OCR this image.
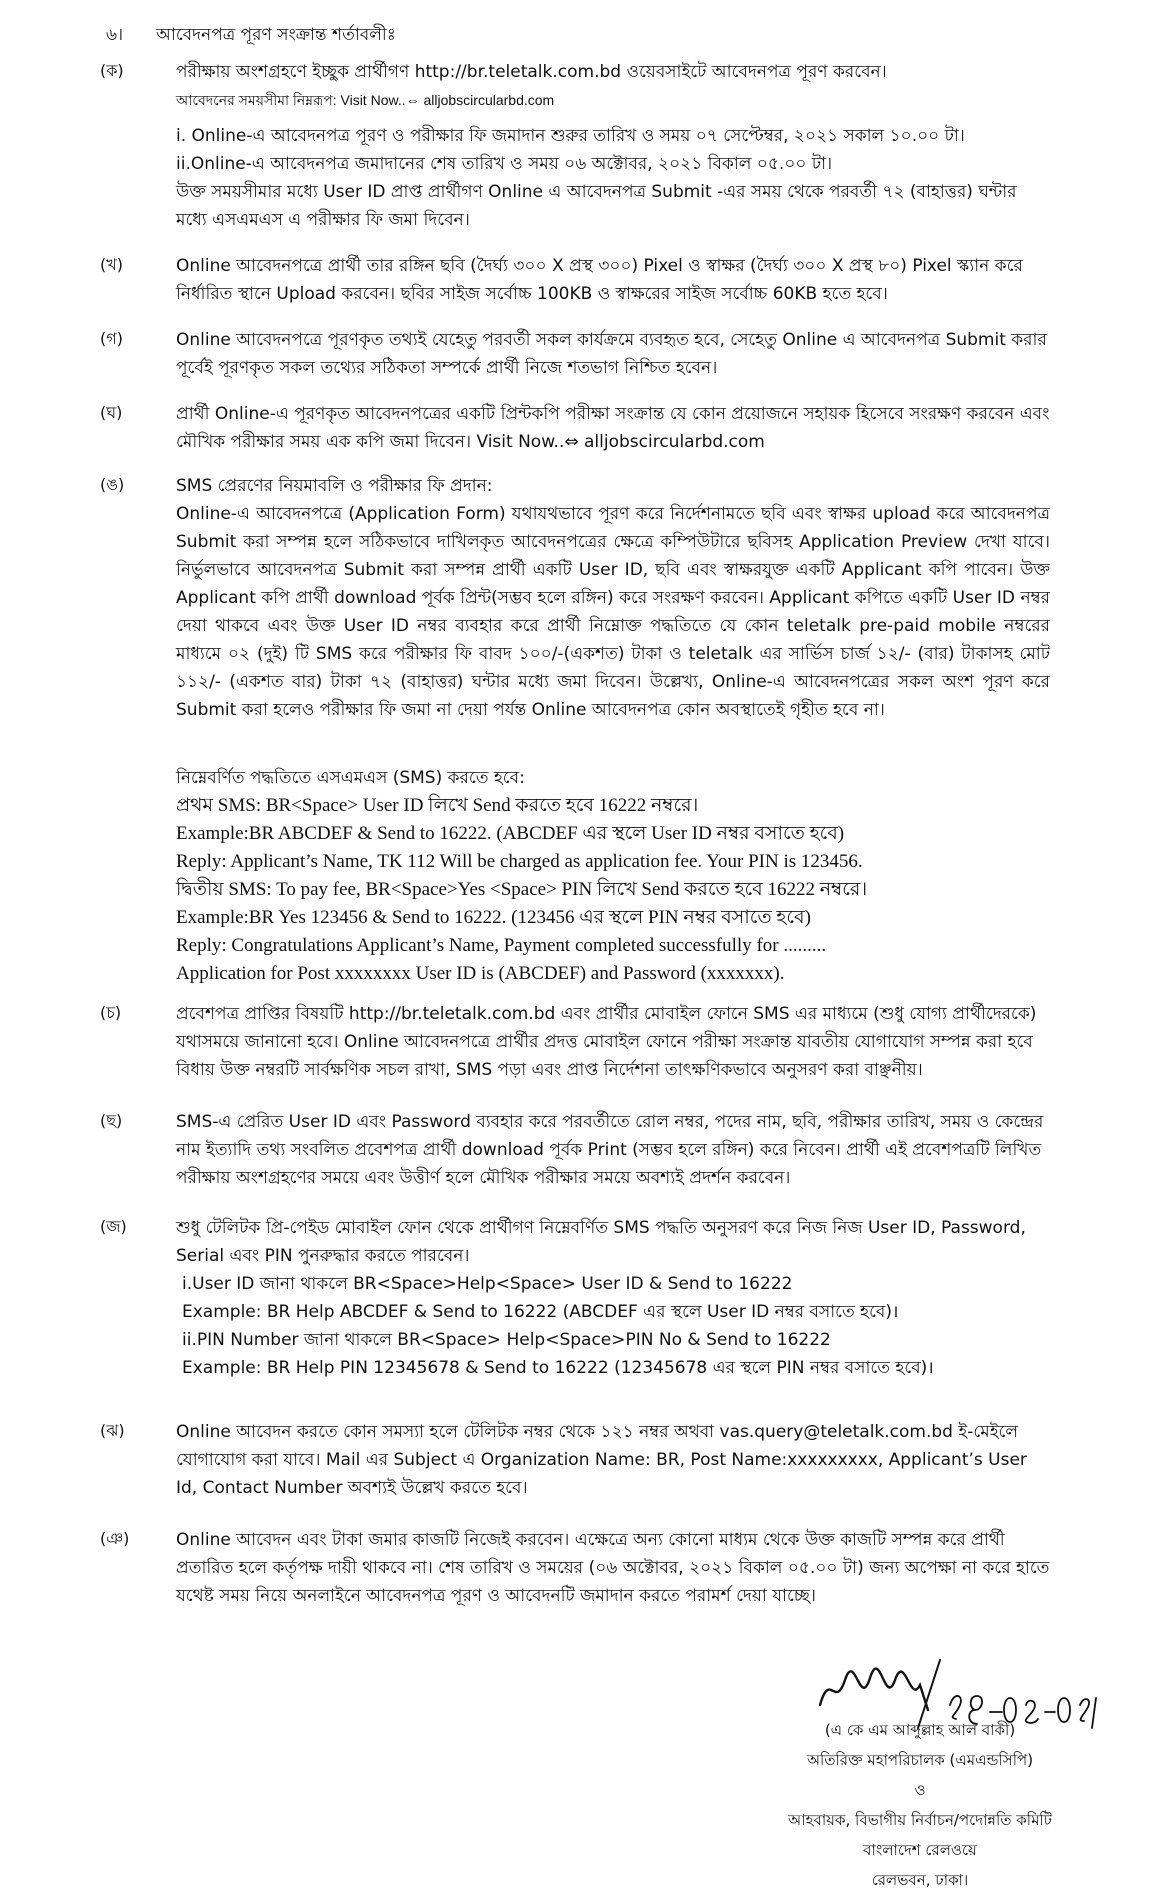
৬। আবেদনপত্র পূরণ সংক্রান্ত শর্তাবলীঃ
(ক)	পরীক্ষায় অংশগ্রহণে ইচ্ছুক প্রার্থীগণ http://br.teletalk.com.bd ওয়েবসাইটে আবেদনপত্র পূরণ করবেন।

আবেদনের সময়সীমা নিম্নরূপ: Visit Now..⇔ alljobscircularbd.com

i. Online-এ আবেদনপত্র পূরণ ও পরীক্ষার ফি জমাদান শুরুর তারিখ ও সময় ০৭ সেপ্টেম্বর, ২০২১ সকাল ১০.০০ টা।

ii.Online-এ আবেদনপত্র জমাদানের শেষ তারিখ ও সময় ০৬ অক্টোবর, ২০২১ বিকাল ০৫.০০ টা।

উক্ত সময়সীমার মধ্যে User ID প্রাপ্ত প্রার্থীগণ Online এ আবেদনপত্র Submit -এর সময় থেকে পরবর্তী ৭২ (বাহাত্তর) ঘন্টার মধ্যে এসএমএস এ পরীক্ষার ফি জমা দিবেন।

(খ)	Online আবেদনপত্রে প্রার্থী তার রঙ্গিন ছবি (দৈর্ঘ্য ৩০০ X প্রস্থ ৩০০) Pixel ও স্বাক্ষর (দৈর্ঘ্য ৩০০ X প্রস্থ ৮০) Pixel স্ক্যান করে নির্ধারিত স্থানে Upload করবেন। ছবির সাইজ সর্বোচ্চ 100KB ও স্বাক্ষরের সাইজ সর্বোচ্চ 60KB হতে হবে।

(গ)	Online আবেদনপত্রে পূরণকৃত তথ্যই যেহেতু পরবর্তী সকল কার্যক্রমে ব্যবহৃত হবে, সেহেতু Online এ আবেদনপত্র Submit করার পূর্বেই পূরণকৃত সকল তথ্যের সঠিকতা সম্পর্কে প্রার্থী নিজে শতভাগ নিশ্চিত হবেন।

(ঘ)	প্রার্থী Online-এ পূরণকৃত আবেদনপত্রের একটি প্রিন্টকপি পরীক্ষা সংক্রান্ত যে কোন প্রয়োজনে সহায়ক হিসেবে সংরক্ষণ করবেন এবং মৌখিক পরীক্ষার সময় এক কপি জমা দিবেন। Visit Now..⇔ alljobscircularbd.com

(ঙ)	SMS প্রেরণের নিয়মাবলি ও পরীক্ষার ফি প্রদান:

Online-এ আবেদনপত্রে (Application Form) যথাযথভাবে পূরণ করে নির্দেশনামতে ছবি এবং স্বাক্ষর upload করে আবেদনপত্র Submit করা সম্পন্ন হলে সঠিকভাবে দাখিলকৃত আবেদনপত্রের ক্ষেত্রে কম্পিউটারে ছবিসহ Application Preview দেখা যাবে। নির্ভুলভাবে আবেদনপত্র Submit করা সম্পন্ন প্রার্থী একটি User ID, ছবি এবং স্বাক্ষরযুক্ত একটি Applicant কপি পাবেন। উক্ত Applicant কপি প্রার্থী download পূর্বক প্রিন্ট(সম্ভব হলে রঙ্গিন) করে সংরক্ষণ করবেন। Applicant কপিতে একটি User ID নম্বর দেয়া থাকবে এবং উক্ত User ID নম্বর ব্যবহার করে প্রার্থী নিম্নোক্ত পদ্ধতিতে যে কোন teletalk pre-paid mobile নম্বরের মাধ্যমে ০২ (দুই) টি SMS করে পরীক্ষার ফি বাবদ ১০০/-(একশত) টাকা ও teletalk এর সার্ভিস চার্জ ১২/- (বার) টাকাসহ মোট ১১২/- (একশত বার) টাকা ৭২ (বাহাত্তর) ঘন্টার মধ্যে জমা দিবেন। উল্লেখ্য, Online-এ আবেদনপত্রের সকল অংশ পূরণ করে Submit করা হলেও পরীক্ষার ফি জমা না দেয়া পর্যন্ত Online আবেদনপত্র কোন অবস্থাতেই গৃহীত হবে না।

নিম্নেবর্ণিত পদ্ধতিতে এসএমএস (SMS) করতে হবে:

প্রথম SMS: BR<Space> User ID লিখে Send করতে হবে 16222 নম্বরে।

Example:BR ABCDEF & Send to 16222. (ABCDEF এর স্থলে User ID নম্বর বসাতে হবে)

Reply: Applicant’s Name, TK 112 Will be charged as application fee. Your PIN is 123456.

দ্বিতীয় SMS: To pay fee, BR<Space>Yes <Space> PIN লিখে Send করতে হবে 16222 নম্বরে।

Example:BR Yes 123456 & Send to 16222. (123456 এর স্থলে PIN নম্বর বসাতে হবে)

Reply: Congratulations Applicant’s Name, Payment completed successfully for .........

Application for Post xxxxxxxx User ID is (ABCDEF) and Password (xxxxxxx).

(চ)	প্রবেশপত্র প্রাপ্তির বিষয়টি http://br.teletalk.com.bd এবং প্রার্থীর মোবাইল ফোনে SMS এর মাধ্যমে (শুধু যোগ্য প্রার্থীদেরকে) যথাসময়ে জানানো হবে। Online আবেদনপত্রে প্রার্থীর প্রদত্ত মোবাইল ফোনে পরীক্ষা সংক্রান্ত যাবতীয় যোগাযোগ সম্পন্ন করা হবে বিধায় উক্ত নম্বরটি সার্বক্ষণিক সচল রাখা, SMS পড়া এবং প্রাপ্ত নির্দেশনা তাৎক্ষণিকভাবে অনুসরণ করা বাঞ্ছনীয়।

(ছ)	SMS-এ প্রেরিত User ID এবং Password ব্যবহার করে পরবর্তীতে রোল নম্বর, পদের নাম, ছবি, পরীক্ষার তারিখ, সময় ও কেন্দ্রের নাম ইত্যাদি তথ্য সংবলিত প্রবেশপত্র প্রার্থী download পূর্বক Print (সম্ভব হলে রঙ্গিন) করে নিবেন। প্রার্থী এই প্রবেশপত্রটি লিখিত পরীক্ষায় অংশগ্রহণের সময়ে এবং উত্তীর্ণ হলে মৌখিক পরীক্ষার সময়ে অবশ্যই প্রদর্শন করবেন।

(জ)	শুধু টেলিটক প্রি-পেইড মোবাইল ফোন থেকে প্রার্থীগণ নিম্নেবর্ণিত SMS পদ্ধতি অনুসরণ করে নিজ নিজ User ID, Password, Serial এবং PIN পুনরুদ্ধার করতে পারবেন।

i.User ID জানা থাকলে BR<Space>Help<Space> User ID & Send to 16222

Example: BR Help ABCDEF & Send to 16222 (ABCDEF এর স্থলে User ID নম্বর বসাতে হবে)।

ii.PIN Number জানা থাকলে BR<Space> Help<Space>PIN No & Send to 16222

Example: BR Help PIN 12345678 & Send to 16222 (12345678 এর স্থলে PIN নম্বর বসাতে হবে)।

(ঝ)	Online আবেদন করতে কোন সমস্যা হলে টেলিটক নম্বর থেকে ১২১ নম্বর অথবা vas.query@teletalk.com.bd ই-মেইলে যোগাযোগ করা যাবে। Mail এর Subject এ Organization Name: BR, Post Name:xxxxxxxxx, Applicant’s User Id, Contact Number অবশ্যই উল্লেখ করতে হবে।

(ঞ)	Online আবেদন এবং টাকা জমার কাজটি নিজেই করবেন। এক্ষেত্রে অন্য কোনো মাধ্যম থেকে উক্ত কাজটি সম্পন্ন করে প্রার্থী প্রতারিত হলে কর্তৃপক্ষ দায়ী থাকবে না। শেষ তারিখ ও সময়ের (০৬ অক্টোবর, ২০২১ বিকাল ০৫.০০ টা) জন্য অপেক্ষা না করে হাতে যথেষ্ট সময় নিয়ে অনলাইনে আবেদনপত্র পূরণ ও আবেদনটি জমাদান করতে পরামর্শ দেয়া যাচ্ছে।

(এ কে এম আব্দুল্লাহ আল বাকী)

অতিরিক্ত মহাপরিচালক (এমএন্ডসিপি)

ও

আহবায়ক, বিভাগীয় নির্বাচন/পদোন্নতি কমিটি

বাংলাদেশ রেলওয়ে

রেলভবন, ঢাকা।
